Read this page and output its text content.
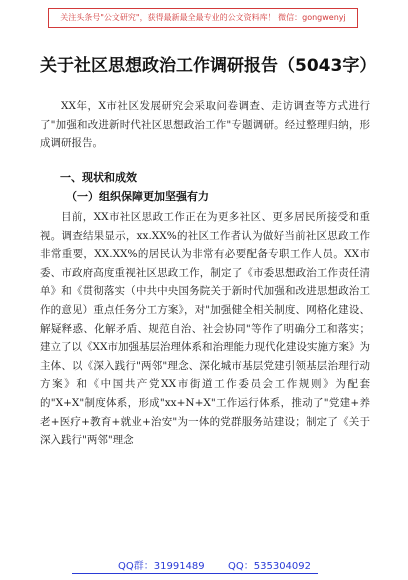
关注头条号"公文研究"，获得最新最全最专业的公文资料库！ 微信：gongwenyj
关于社区思想政治工作调研报告（5043字）
XX年，X市社区发展研究会采取问卷调查、走访调查等方式进行了"加强和改进新时代社区思想政治工作"专题调研。经过整理归纳，形成调研报告。
一、现状和成效
（一）组织保障更加坚强有力
目前，XX市社区思政工作正在为更多社区、更多居民所接受和重视。调查结果显示，xx.XX%的社区工作者认为做好当前社区思政工作非常重要，XX.XX%的居民认为非常有必要配备专职工作人员。XX市委、市政府高度重视社区思政工作，制定了《市委思想政治工作责任清单》和《贯彻落实（中共中央国务院关于新时代加强和改进思想政治工作的意见）重点任务分工方案》，对"加强健全相关制度、网格化建设、解疑释惑、化解矛盾、规范自治、社会协同"等作了明确分工和落实；建立了以《XX市加强基层治理体系和治理能力现代化建设实施方案》为主体、以《深入践行"两邻"理念、深化城市基层党建引领基层治理行动方案》和《中国共产党XX市街道工作委员会工作规则》为配套的"X+X"制度体系，形成"xx+N+X"工作运行体系，推动了"党建+养老+医疗+教育+就业+治安"为一体的党群服务站建设；制定了《关于深入践行"两邻"理念
QQ群：31991489 QQ：535304092
